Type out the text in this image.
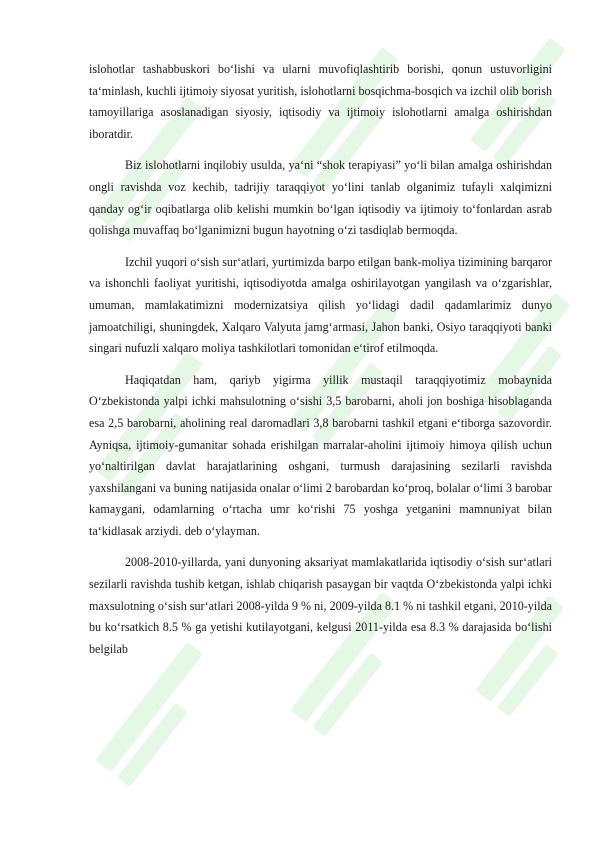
islohotlar tashabbuskori bo‘lishi va ularni muvofiqlashtirib borishi, qonun ustuvorligini ta‘minlash, kuchli ijtimoiy siyosat yuritish, islohotlarni bosqichma-bosqich va izchil olib borish tamoyillariga asoslanadigan siyosiy, iqtisodiy va ijtimoiy islohotlarni amalga oshirishdan iboratdir.

Biz islohotlarni inqilobiy usulda, ya‘ni “shok terapiyasi” yo‘li bilan amalga oshirishdan ongli ravishda voz kechib, tadrijiy taraqqiyot yo‘lini tanlab olganimiz tufayli xalqimizni qanday og‘ir oqibatlarga olib kelishi mumkin bo‘lgan iqtisodiy va ijtimoiy to‘fonlardan asrab qolishga muvaffaq bo‘lganimizni bugun hayotning o‘zi tasdiqlab bermoqda.

Izchil yuqori o‘sish sur‘atlari, yurtimizda barpo etilgan bank-moliya tizimining barqaror va ishonchli faoliyat yuritishi, iqtisodiyotda amalga oshirilayotgan yangilash va o‘zgarishlar, umuman, mamlakatimizni modernizatsiya qilish yo‘lidagi dadil qadamlarimiz dunyo jamoatchiligi, shuningdek, Xalqaro Valyuta jamg‘armasi, Jahon banki, Osiyo taraqqiyoti banki singari nufuzli xalqaro moliya tashkilotlari tomonidan e‘tirof etilmoqda.

Haqiqatdan ham, qariyb yigirma yillik mustaqil taraqqiyotimiz mobaynida O‘zbekistonda yalpi ichki mahsulotning o‘sishi 3,5 barobarni, aholi jon boshiga hisoblaganda esa 2,5 barobarni, aholining real daromadlari 3,8 barobarni tashkil etgani e‘tiborga sazovordir. Ayniqsa, ijtimoiy-gumanitar sohada erishilgan marralar-aholini ijtimoiy himoya qilish uchun yo‘naltirilgan davlat harajatlarining oshgani, turmush darajasining sezilarli ravishda yaxshilangani va buning natijasida onalar o‘limi 2 barobardan ko‘proq, bolalar o‘limi 3 barobar kamaygani, odamlarning o‘rtacha umr ko‘rishi 75 yoshga yetganini mamnuniyat bilan ta‘kidlasak arziydi. deb o‘ylayman.

2008-2010-yillarda, yani dunyoning aksariyat mamlakatlarida iqtisodiy o‘sish sur‘atlari sezilarli ravishda tushib ketgan, ishlab chiqarish pasaygan bir vaqtda O‘zbekistonda yalpi ichki maxsulotning o‘sish sur‘atlari 2008-yilda 9 % ni, 2009-yilda 8.1 % ni tashkil etgani, 2010-yilda bu ko‘rsatkich 8.5 % ga yetishi kutilayotgani, kelgusi 2011-yilda esa 8.3 % darajasida bo‘lishi belgilab
